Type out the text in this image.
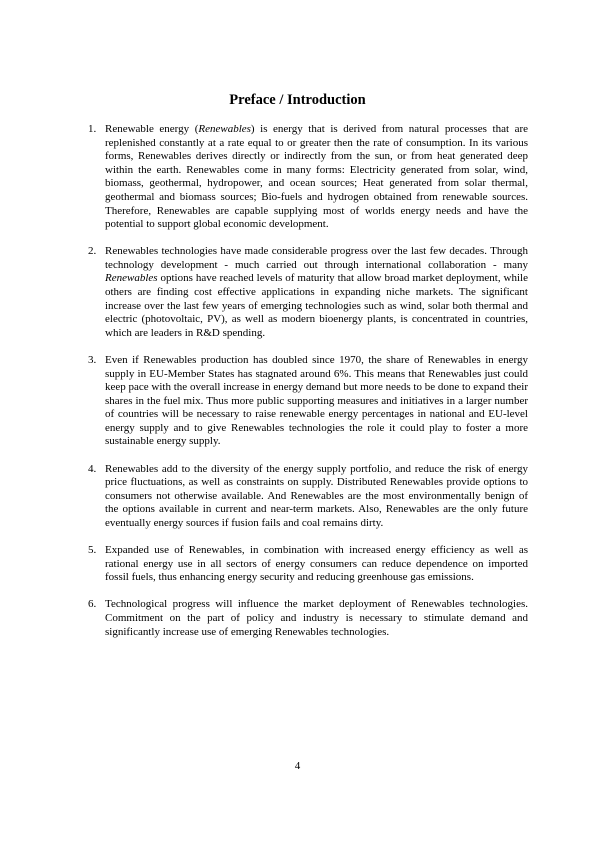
Preface / Introduction
1. Renewable energy (Renewables) is energy that is derived from natural processes that are replenished constantly at a rate equal to or greater then the rate of consumption. In its various forms, Renewables derives directly or indirectly from the sun, or from heat generated deep within the earth. Renewables come in many forms: Electricity generated from solar, wind, biomass, geothermal, hydropower, and ocean sources; Heat generated from solar thermal, geothermal and biomass sources; Bio-fuels and hydrogen obtained from renewable sources. Therefore, Renewables are capable supplying most of worlds energy needs and have the potential to support global economic development.
2. Renewables technologies have made considerable progress over the last few decades. Through technology development - much carried out through international collaboration - many Renewables options have reached levels of maturity that allow broad market deployment, while others are finding cost effective applications in expanding niche markets. The significant increase over the last few years of emerging technologies such as wind, solar both thermal and electric (photovoltaic, PV), as well as modern bioenergy plants, is concentrated in countries, which are leaders in R&D spending.
3. Even if Renewables production has doubled since 1970, the share of Renewables in energy supply in EU-Member States has stagnated around 6%. This means that Renewables just could keep pace with the overall increase in energy demand but more needs to be done to expand their shares in the fuel mix. Thus more public supporting measures and initiatives in a larger number of countries will be necessary to raise renewable energy percentages in national and EU-level energy supply and to give Renewables technologies the role it could play to foster a more sustainable energy supply.
4. Renewables add to the diversity of the energy supply portfolio, and reduce the risk of energy price fluctuations, as well as constraints on supply. Distributed Renewables provide options to consumers not otherwise available. And Renewables are the most environmentally benign of the options available in current and near-term markets. Also, Renewables are the only future eventually energy sources if fusion fails and coal remains dirty.
5. Expanded use of Renewables, in combination with increased energy efficiency as well as rational energy use in all sectors of energy consumers can reduce dependence on imported fossil fuels, thus enhancing energy security and reducing greenhouse gas emissions.
6. Technological progress will influence the market deployment of Renewables technologies. Commitment on the part of policy and industry is necessary to stimulate demand and significantly increase use of emerging Renewables technologies.
4
